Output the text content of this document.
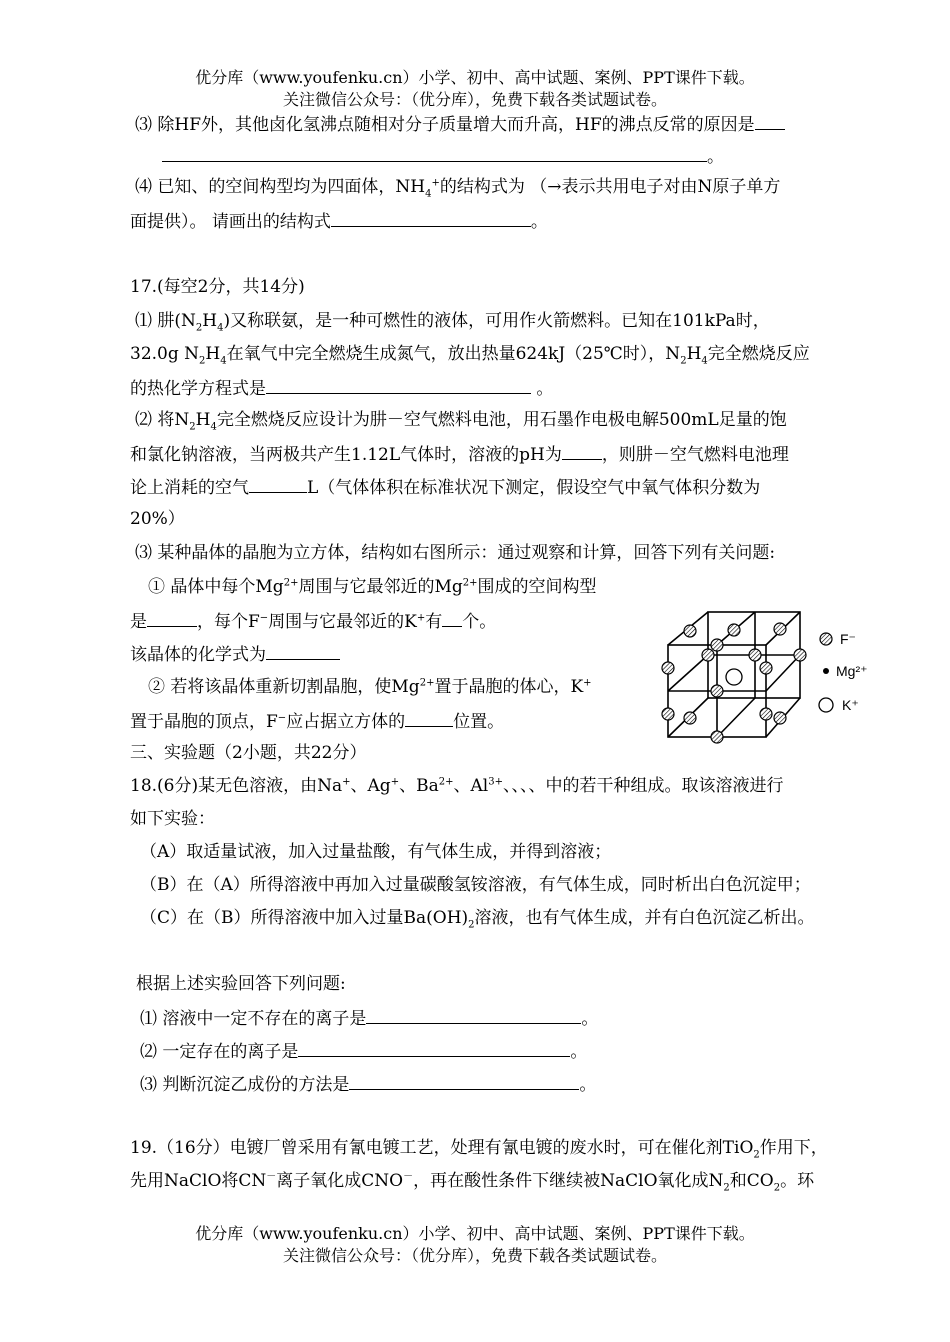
优分库（www.youfenku.cn）小学、初中、高中试题、案例、PPT课件下载。
关注微信公众号：（优分库），免费下载各类试题试卷。
⑶ 除HF外，其他卤化氢沸点随相对分子质量增大而升高，HF的沸点反常的原因是
。
⑷ 已知、的空间构型均为四面体，$NH_4^+$的结构式为 （→表示共用电子对由N原子单方
面提供）。 请画出的结构式	。
17.(每空2分，共14分)
⑴ 肼$(N_2H_4)$又称联氨，是一种可燃性的液体，可用作火箭燃料。已知在101kPa时，
32.0g $N_2H_4$在氧气中完全燃烧生成氮气，放出热量624kJ（25℃时），$N_2H_4$完全燃烧反应
的热化学方程式是	。
⑵ 将$N_2H_4$完全燃烧反应设计为肼－空气燃料电池，用石墨作电极电解500mL足量的饱
和氯化钠溶液，当两极共产生1.12L气体时，溶液的pH为 ，则肼－空气燃料电池理
论上消耗的空气	L（气体体积在标准状况下测定，假设空气中氧气体积分数为
20%）
⑶ 某种晶体的晶胞为立方体，结构如右图所示：通过观察和计算，回答下列有关问题:
① 晶体中每个$Mg^{2+}$周围与它最邻近的$Mg^{2+}$围成的空间构型
是	，每个F−周围与它最邻近的K+有 个。
该晶体的化学式为
② 若将该晶体重新切割晶胞，使$Mg^{2+}$置于晶胞的体心，K+
置于晶胞的顶点，F−应占据立方体的	位置。
F⁻
Mg²⁺
K⁺
三、实验题（2小题，共22分）
18.(6分)某无色溶液，由Na+、Ag+、$Ba^{2+}$、$Al^{3+}$、、、、中的若干种组成。取该溶液进行
如下实验：
（A）取适量试液，加入过量盐酸，有气体生成，并得到溶液；
（B）在（A）所得溶液中再加入过量碳酸氢铵溶液，有气体生成，同时析出白色沉淀甲；
（C）在（B）所得溶液中加入过量$Ba(OH)_2$溶液，也有气体生成，并有白色沉淀乙析出。
根据上述实验回答下列问题:
⑴ 溶液中一定不存在的离子是	。
⑵ 一定存在的离子是	。
⑶ 判断沉淀乙成份的方法是	。
19.（16分）电镀厂曾采用有氰电镀工艺，处理有氰电镀的废水时，可在催化剂TiO$_2$作用下，
先用NaClO将CN－离子氧化成CNO－，再在酸性条件下继续被NaClO氧化成$N_2$和$CO_2$。环
优分库（www.youfenku.cn）小学、初中、高中试题、案例、PPT课件下载。
关注微信公众号：（优分库），免费下载各类试题试卷。
